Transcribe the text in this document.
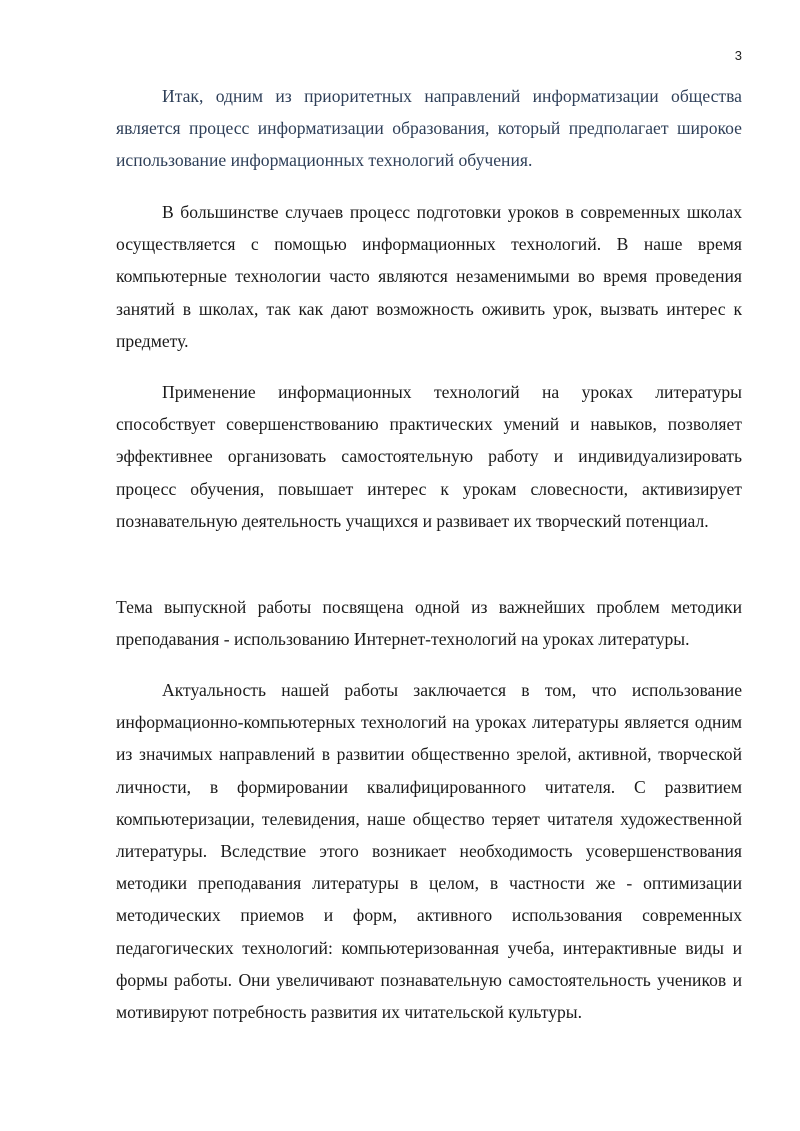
3

Итак, одним из приоритетных направлений информатизации общества является процесс информатизации образования, который предполагает широкое использование информационных технологий обучения.

В большинстве случаев процесс подготовки уроков в современных школах осуществляется с помощью информационных технологий. В наше время компьютерные технологии часто являются незаменимыми во время проведения занятий в школах, так как дают возможность оживить урок, вызвать интерес к предмету.

Применение информационных технологий на уроках литературы способствует совершенствованию практических умений и навыков, позволяет эффективнее организовать самостоятельную работу и индивидуализировать процесс обучения, повышает интерес к урокам словесности, активизирует познавательную деятельность учащихся и развивает их творческий потенциал.

Тема выпускной работы посвящена одной из важнейших проблем методики преподавания - использованию Интернет-технологий на уроках литературы.

Актуальность нашей работы заключается в том, что использование информационно-компьютерных технологий на уроках литературы является одним из значимых направлений в развитии общественно зрелой, активной, творческой личности, в формировании квалифицированного читателя. С развитием компьютеризации, телевидения, наше общество теряет читателя художественной литературы. Вследствие этого возникает необходимость усовершенствования методики преподавания литературы в целом, в частности же - оптимизации методических приемов и форм, активного использования современных педагогических технологий: компьютеризованная учеба, интерактивные виды и формы работы. Они увеличивают познавательную самостоятельность учеников и мотивируют потребность развития их читательской культуры.
